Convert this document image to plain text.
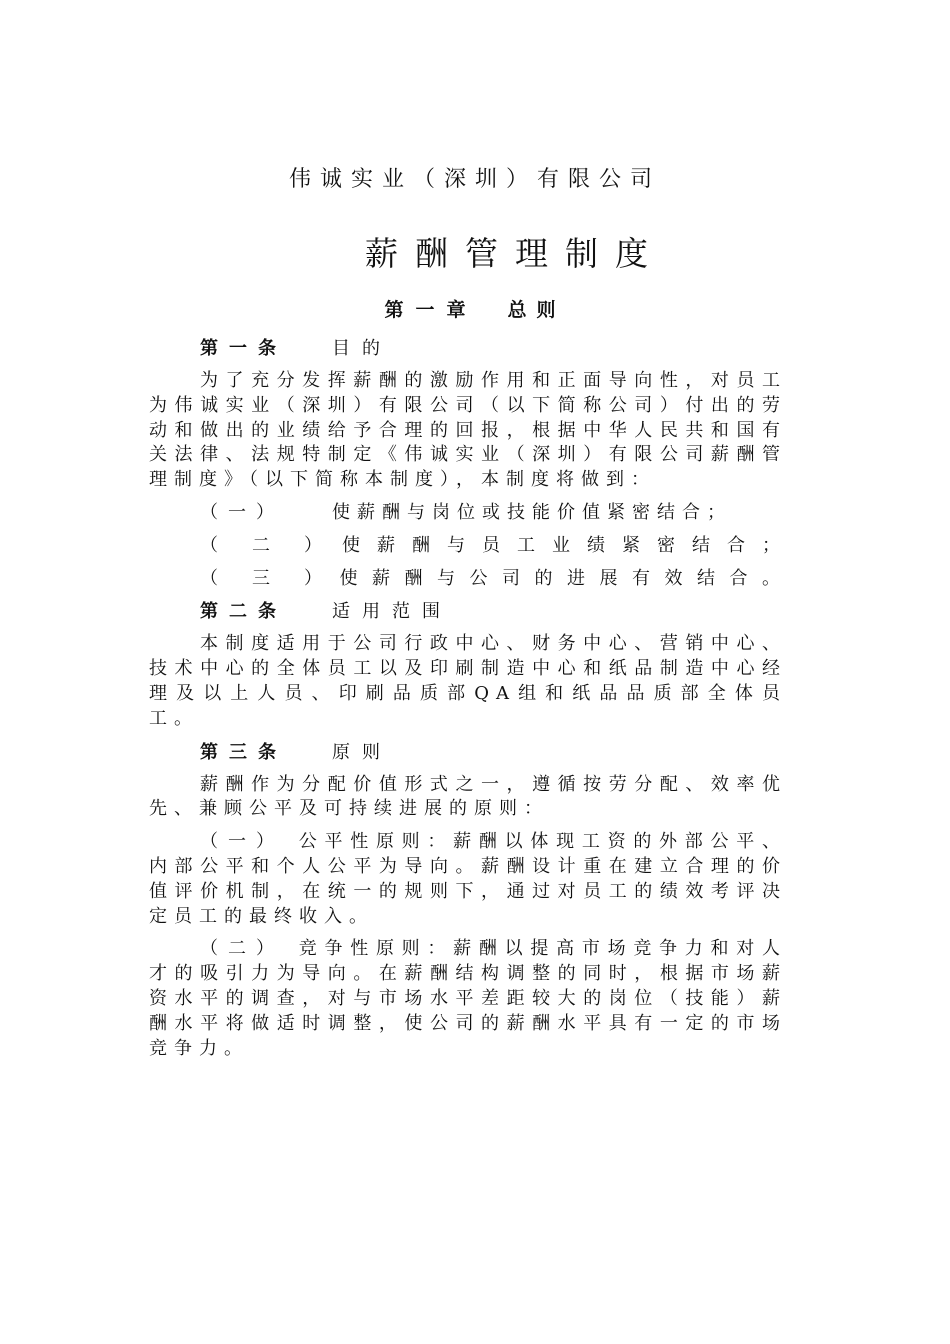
伟诚实业（深圳）有限公司
薪酬管理制度
第一章 总则
第一条	目的

为了充分发挥薪酬的激励作用和正面导向性，对员工为伟诚实业（深圳）有限公司（以下简称公司）付出的劳动和做出的业绩给予合理的回报，根据中华人民共和国有关法律、法规特制定《伟诚实业（深圳）有限公司薪酬管理制度》（以下简称本制度），本制度将做到：

（一）	使薪酬与岗位或技能价值紧密结合；

（二）使薪酬与员工业绩紧密结合；

（三）使薪酬与公司的进展有效结合。

第二条	适用范围

本制度适用于公司行政中心、财务中心、营销中心、技术中心的全体员工以及印刷制造中心和纸品制造中心经理及以上人员、印刷品质部QA组和纸品品质部全体员工。

第三条	原则

薪酬作为分配价值形式之一，遵循按劳分配、效率优先、兼顾公平及可持续进展的原则：

（一） 公平性原则：薪酬以体现工资的外部公平、内部公平和个人公平为导向。薪酬设计重在建立合理的价值评价机制，在统一的规则下，通过对员工的绩效考评决定员工的最终收入。

（二） 竞争性原则：薪酬以提高市场竞争力和对人才的吸引力为导向。在薪酬结构调整的同时，根据市场薪资水平的调查，对与市场水平差距较大的岗位（技能）薪酬水平将做适时调整，使公司的薪酬水平具有一定的市场竞争力。
